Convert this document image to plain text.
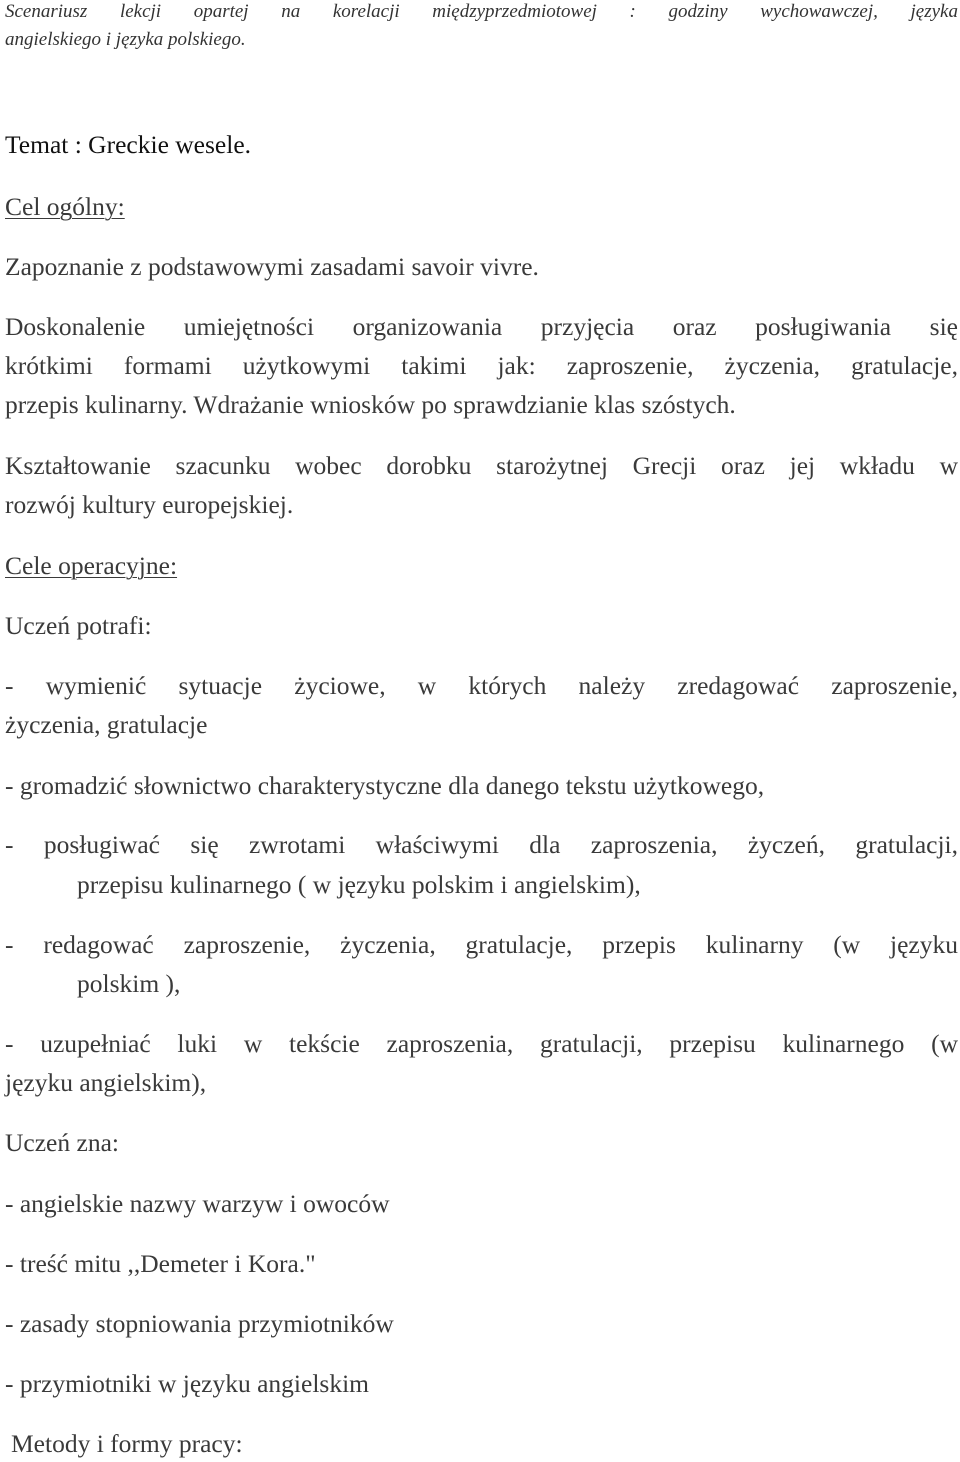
Scenariusz lekcji opartej na korelacji międzyprzedmiotowej : godziny wychowawczej, języka
angielskiego i języka polskiego.
Temat : Greckie wesele.
Cel ogólny:
Zapoznanie z podstawowymi zasadami savoir vivre.
Doskonalenie umiejętności organizowania przyjęcia oraz posługiwania się
krótkimi formami użytkowymi takimi jak: zaproszenie, życzenia, gratulacje,
przepis kulinarny. Wdrażanie wniosków po sprawdzianie klas szóstych.
Kształtowanie szacunku wobec dorobku starożytnej Grecji oraz jej wkładu w
rozwój kultury europejskiej.
Cele operacyjne:
Uczeń potrafi:
- wymienić sytuacje życiowe, w których należy zredagować zaproszenie,
życzenia, gratulacje
- gromadzić słownictwo charakterystyczne dla danego tekstu użytkowego,
- posługiwać się zwrotami właściwymi dla zaproszenia, życzeń, gratulacji,
przepisu kulinarnego ( w języku polskim i angielskim),
- redagować zaproszenie, życzenia, gratulacje, przepis kulinarny (w języku
polskim ),
- uzupełniać luki w tekście zaproszenia, gratulacji, przepisu kulinarnego (w
języku angielskim),
Uczeń zna:
- angielskie nazwy warzyw i owoców
- treść mitu ,,Demeter i Kora."
- zasady stopniowania przymiotników
- przymiotniki w języku angielskim
Metody i formy pracy:
